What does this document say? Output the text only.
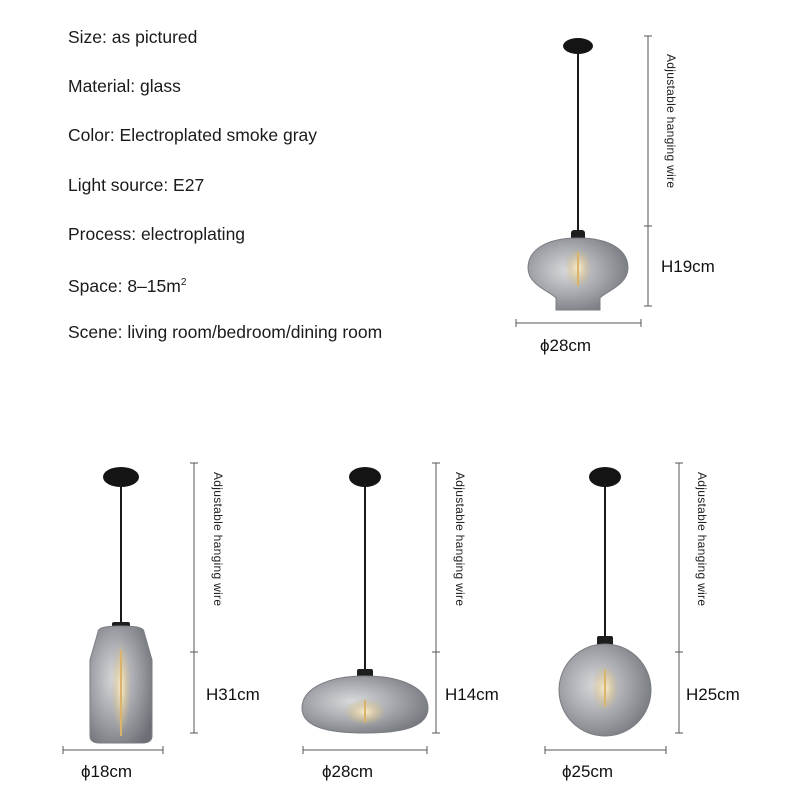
Size: as pictured
Material: glass
Color: Electroplated smoke gray
Light source: E27
Process: electroplating
Space: $8-15m^2$
Scene: living room/bedroom/dining room
Adjustable hanging wire
H19cm
ϕ28cm
Adjustable hanging wire
H31cm
ϕ18cm
Adjustable hanging wire
H14cm
ϕ28cm
Adjustable hanging wire
H25cm
ϕ25cm
